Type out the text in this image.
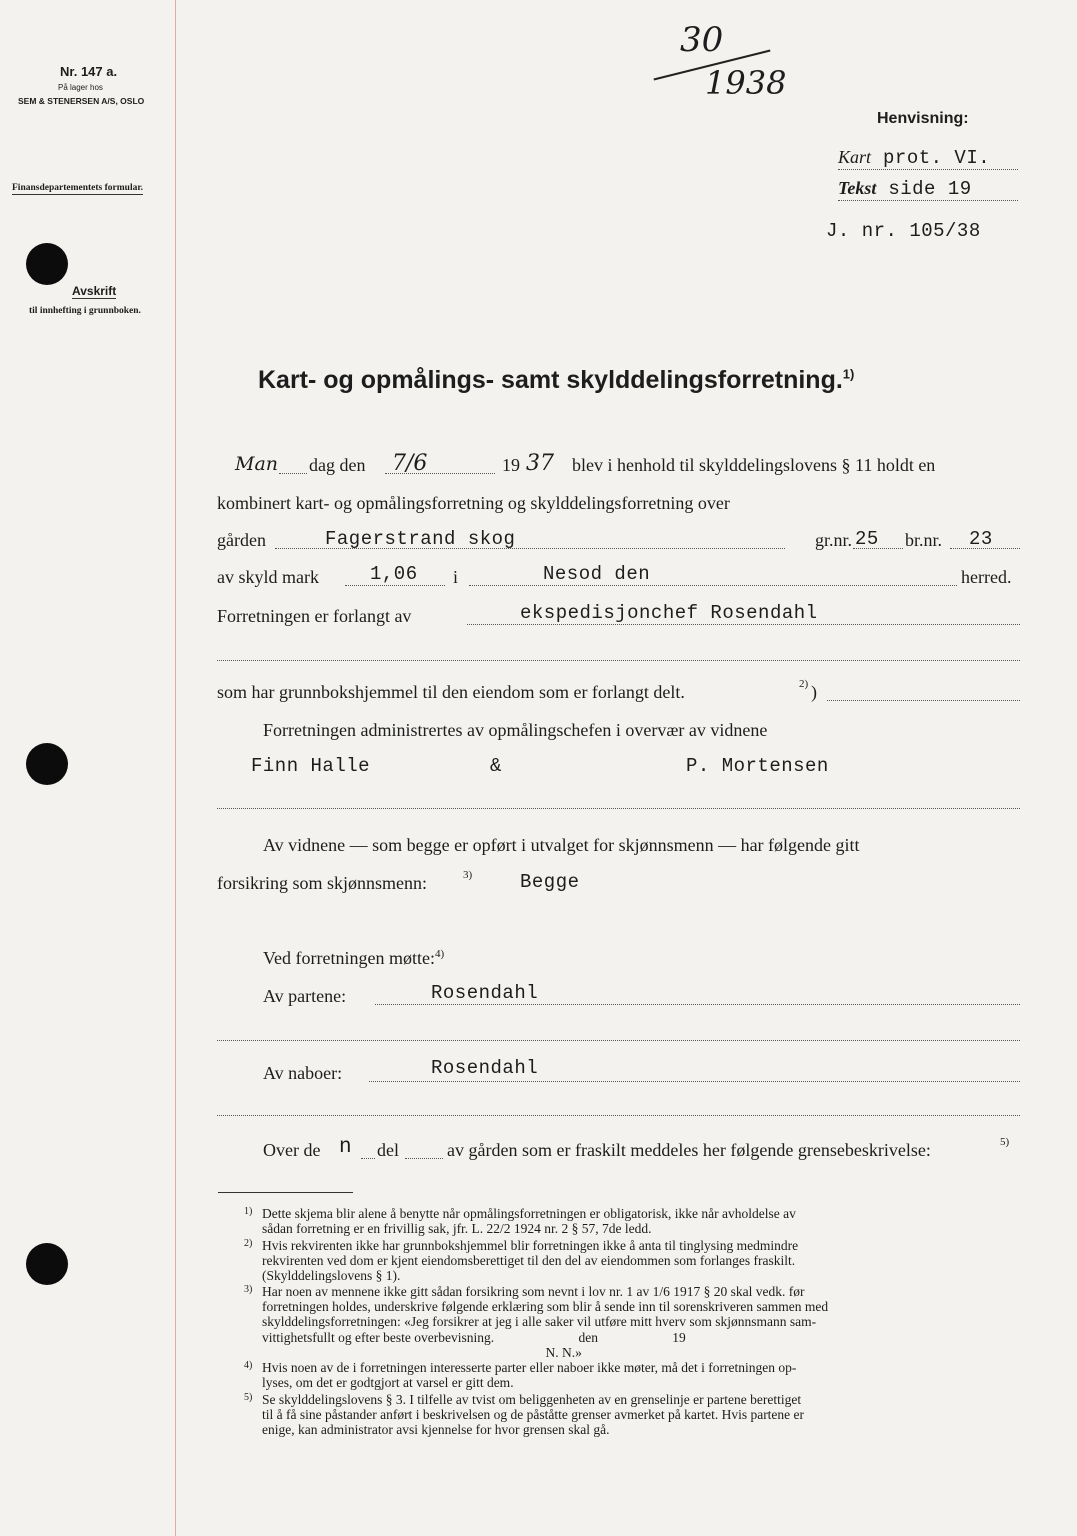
Nr. 147 a.
På lager hos
SEM & STENERSEN A/S, OSLO
Finansdepartementets formular.
Avskrift
til innhefting i grunnboken.
30
1938
Henvisning:
Kart prot. VI.
Tekst side 19
J. nr. 105/38
Kart- og opmålings- samt skylddelingsforretning.$^{1)}$
Man dag den 7/6	19 37 blev i henhold til skylddelingslovens § 11 holdt en
kombinert kart- og opmålingsforretning og skylddelingsforretning over
gården	Fagerstrand skog	gr.nr. 25 br.nr. 23
av skyld mark	1,06 i	Nesod den	herred.
Forretningen er forlangt av	ekspedisjonchef Rosendahl
som har grunnbokshjemmel til den eiendom som er forlangt delt.	2) )
Forretningen administrertes av opmålingschefen i overvær av vidnene
Finn Halle	&	P. Mortensen
Av vidnene — som begge er opført i utvalget for skjønnsmenn — har følgende gitt
forsikring som skjønnsmenn:	3)	Begge
Ved forretningen møtte:$^{4)}$
Av partene:	Rosendahl
Av naboer:	Rosendahl
Over de n del	av gården som er fraskilt meddeles her følgende grensebeskrivelse:	5)
1) Dette skjema blir alene å benytte når opmålingsforretningen er obligatorisk, ikke når avholdelse av
sådan forretning er en frivillig sak, jfr. L. 22/2 1924 nr. 2 § 57, 7de ledd.
2) Hvis rekvirenten ikke har grunnbokshjemmel blir forretningen ikke å anta til tinglysing medmindre
rekvirenten ved dom er kjent eiendomsberettiget til den del av eiendommen som forlanges fraskilt.
(Skylddelingslovens § 1).
3) Har noen av mennene ikke gitt sådan forsikring som nevnt i lov nr. 1 av 1/6 1917 § 20 skal vedk. før
forretningen holdes, underskrive følgende erklæring som blir å sende inn til sorenskriveren sammen med
skylddelingsforretningen: «Jeg forsikrer at jeg i alle saker vil utføre mitt hverv som skjønnsmann sam-
vittighetsfullt og efter beste overbevisning.                         den                      19
N. N.»
4) Hvis noen av de i forretningen interesserte parter eller naboer ikke møter, må det i forretningen op-
lyses, om det er godtgjort at varsel er gitt dem.
5) Se skylddelingslovens § 3. I tilfelle av tvist om beliggenheten av en grenselinje er partene berettiget
til å få sine påstander anført i beskrivelsen og de påståtte grenser avmerket på kartet. Hvis partene er
enige, kan administrator avsi kjennelse for hvor grensen skal gå.
